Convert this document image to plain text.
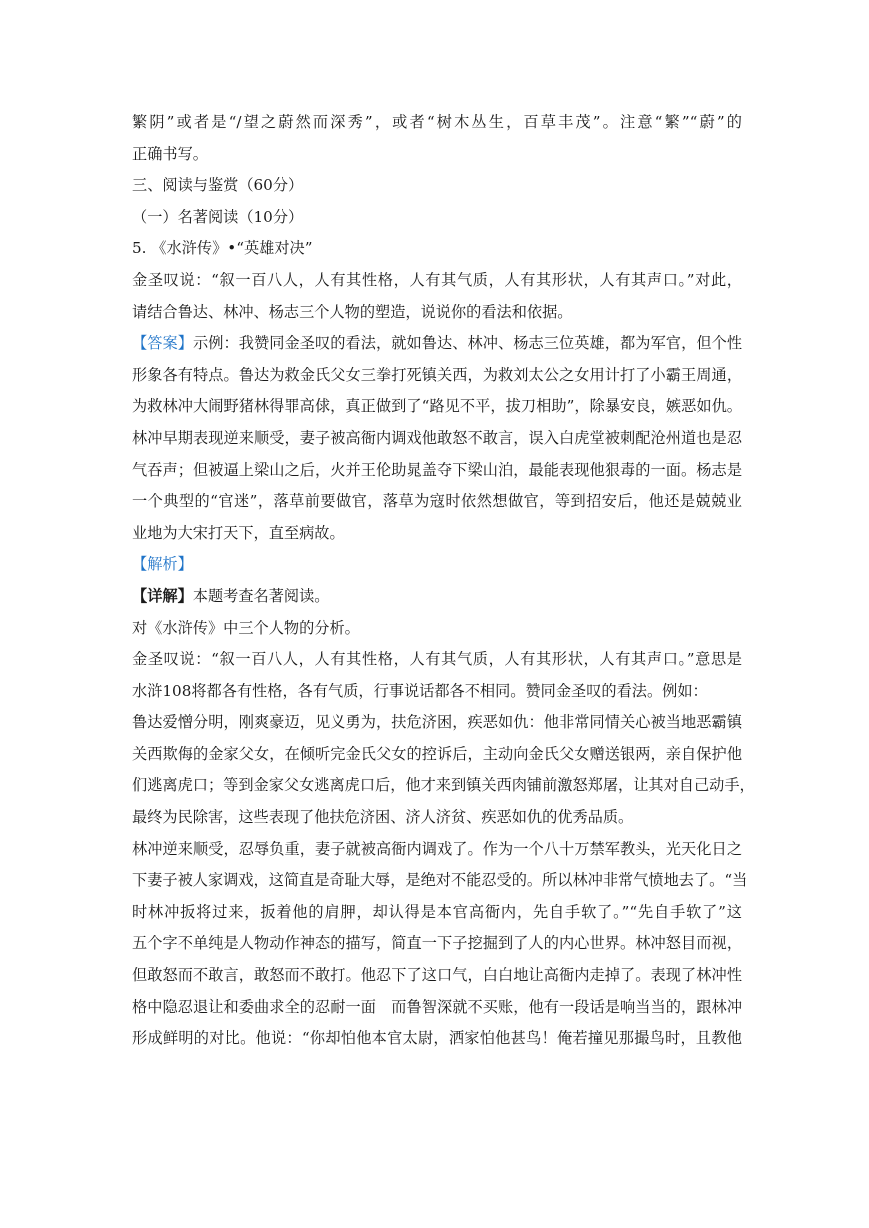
繁阴”或者是“/望之蔚然而深秀”，或者“树木丛生，百草丰茂”。注意“繁”“蔚”的
正确书写。
三、阅读与鉴赏（60分）
（一）名著阅读（10分）
5. 《水浒传》•“英雄对决”
金圣叹说：“叙一百八人，人有其性格，人有其气质，人有其形状，人有其声口。”对此，
请结合鲁达、林冲、杨志三个人物的塑造，说说你的看法和依据。
【答案】示例：我赞同金圣叹的看法，就如鲁达、林冲、杨志三位英雄，都为军官，但个性
形象各有特点。鲁达为救金氏父女三拳打死镇关西，为救刘太公之女用计打了小霸王周通，
为救林冲大闹野猪林得罪高俅，真正做到了“路见不平，拔刀相助”，除暴安良，嫉恶如仇。
林冲早期表现逆来顺受，妻子被高衙内调戏他敢怒不敢言，误入白虎堂被刺配沧州道也是忍
气吞声；但被逼上梁山之后，火并王伦助晁盖夺下梁山泊，最能表现他狠毒的一面。杨志是
一个典型的“官迷”，落草前要做官，落草为寇时依然想做官，等到招安后，他还是兢兢业
业地为大宋打天下，直至病故。
【解析】
【详解】本题考查名著阅读。
对《水浒传》中三个人物的分析。
金圣叹说：“叙一百八人，人有其性格，人有其气质，人有其形状，人有其声口。”意思是
水浒108将都各有性格，各有气质，行事说话都各不相同。赞同金圣叹的看法。例如：
鲁达爱憎分明，刚爽豪迈，见义勇为，扶危济困，疾恶如仇：他非常同情关心被当地恶霸镇
关西欺侮的金家父女，在倾听完金氏父女的控诉后，主动向金氏父女赠送银两，亲自保护他
们逃离虎口；等到金家父女逃离虎口后，他才来到镇关西肉铺前激怒郑屠，让其对自己动手，
最终为民除害，这些表现了他扶危济困、济人济贫、疾恶如仇的优秀品质。
林冲逆来顺受，忍辱负重，妻子就被高衙内调戏了。作为一个八十万禁军教头，光天化日之
下妻子被人家调戏，这简直是奇耻大辱，是绝对不能忍受的。所以林冲非常气愤地去了。“当
时林冲扳将过来，扳着他的肩胛，却认得是本官高衙内，先自手软了。”“先自手软了”这
五个字不单纯是人物动作神态的描写，简直一下子挖掘到了人的内心世界。林冲怒目而视，
但敢怒而不敢言，敢怒而不敢打。他忍下了这口气，白白地让高衙内走掉了。表现了林冲性
格中隐忍退让和委曲求全的忍耐一面　而鲁智深就不买账，他有一段话是响当当的，跟林冲
形成鲜明的对比。他说：“你却怕他本官太尉，洒家怕他甚鸟！俺若撞见那撮鸟时，且教他
